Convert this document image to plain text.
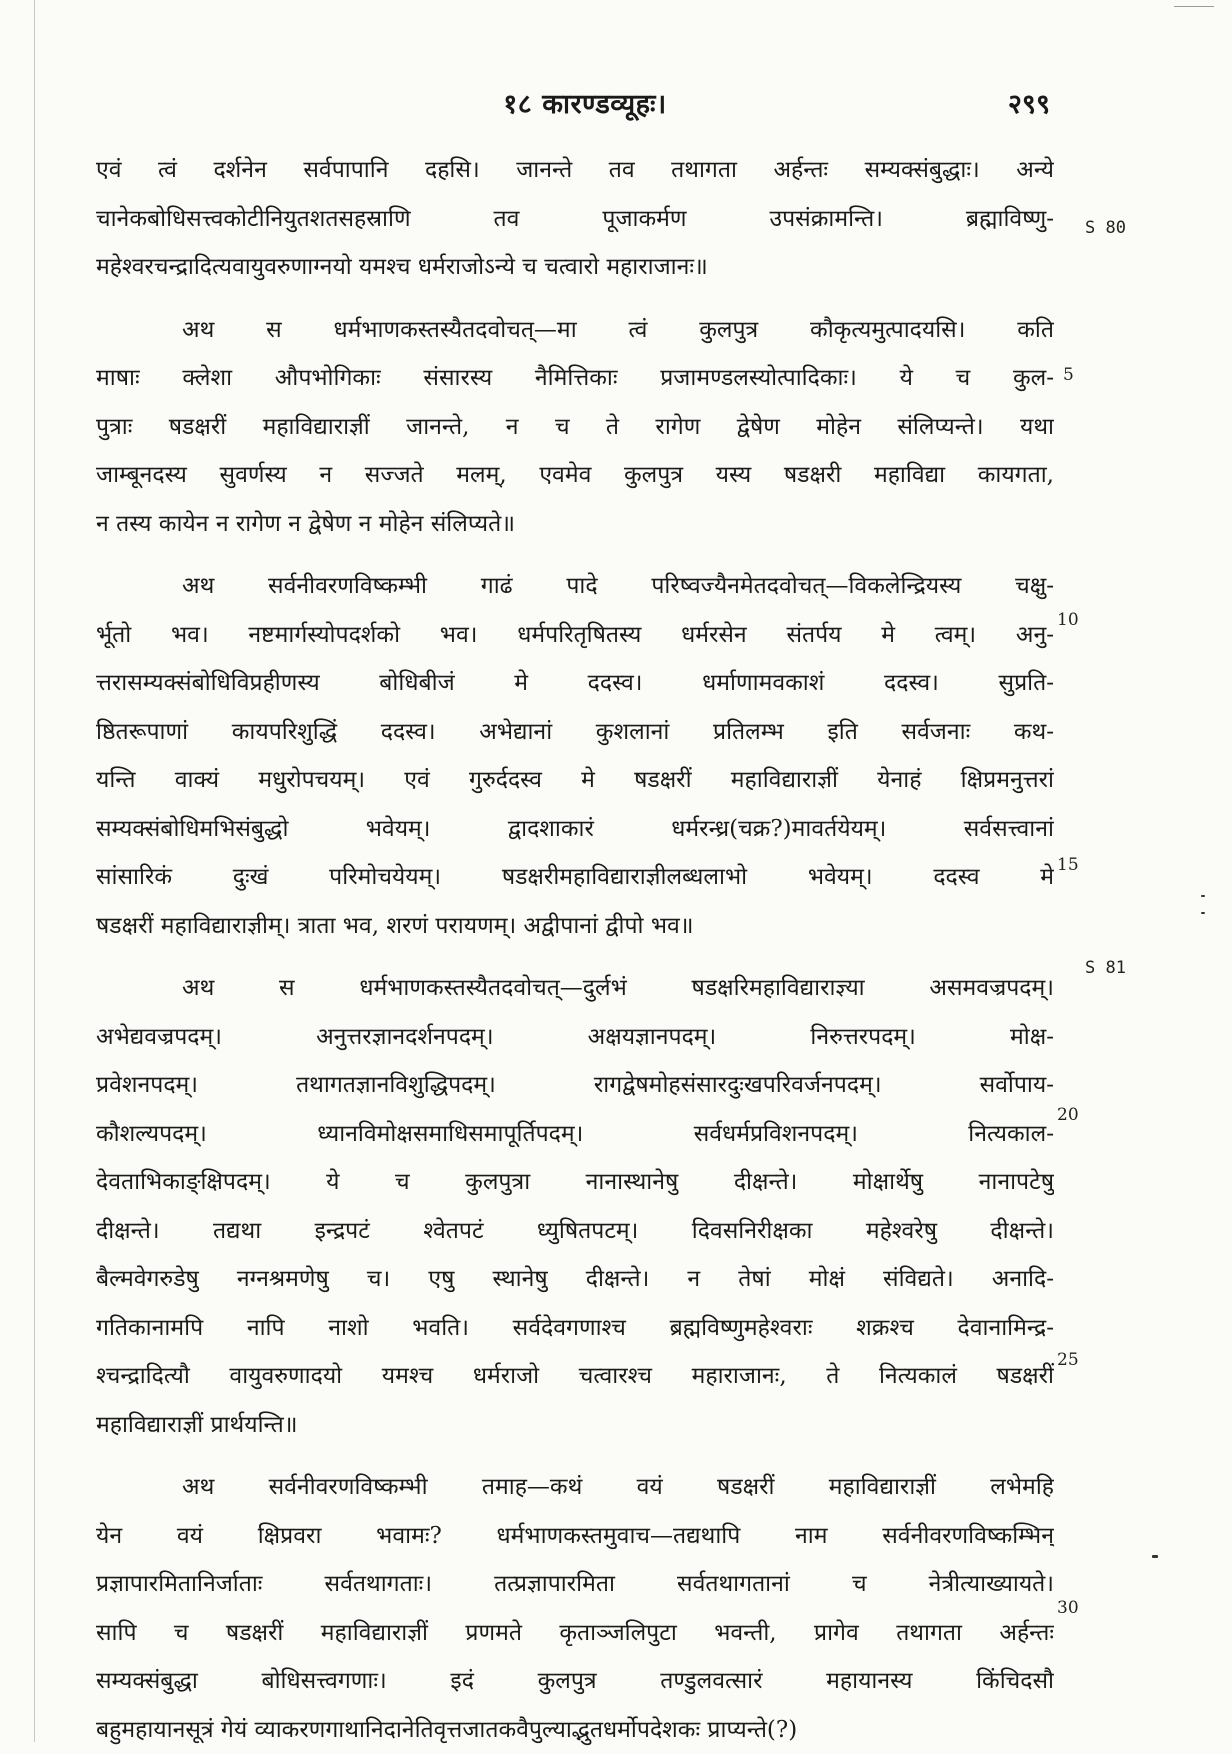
१८ कारण्डव्यूहः।	२९९
एवं त्वं दर्शनेन सर्वपापानि दहसि। जानन्ते तव तथागता अर्हन्तः सम्यक्संबुद्धाः। अन्ये
चानेकबोधिसत्त्वकोटीनियुतशतसहस्राणि तव पूजाकर्मण उपसंक्रामन्ति। ब्रह्माविष्णु-
महेश्वरचन्द्रादित्यवायुवरुणाग्नयो यमश्च धर्मराजोऽन्ये च चत्वारो महाराजानः॥
अथ स धर्मभाणकस्तस्यैतदवोचत्—मा त्वं कुलपुत्र कौकृत्यमुत्पादयसि। कति
माषाः क्लेशा औपभोगिकाः संसारस्य नैमित्तिकाः प्रजामण्डलस्योत्पादिकाः। ये च कुल-
पुत्राः षडक्षरीं महाविद्याराज्ञीं जानन्ते, न च ते रागेण द्वेषेण मोहेन संलिप्यन्ते। यथा
जाम्बूनदस्य सुवर्णस्य न सज्जते मलम्, एवमेव कुलपुत्र यस्य षडक्षरी महाविद्या कायगता,
न तस्य कायेन न रागेण न द्वेषेण न मोहेन संलिप्यते॥
अथ सर्वनीवरणविष्कम्भी गाढं पादे परिष्वज्यैनमेतदवोचत्—विकलेन्द्रियस्य चक्षु-
र्भूतो भव। नष्टमार्गस्योपदर्शको भव। धर्मपरितृषितस्य धर्मरसेन संतर्पय मे त्वम्। अनु-
त्तरासम्यक्संबोधिविप्रहीणस्य बोधिबीजं मे ददस्व। धर्माणामवकाशं ददस्व। सुप्रति-
ष्ठितरूपाणां कायपरिशुद्धिं ददस्व। अभेद्यानां कुशलानां प्रतिलम्भ इति सर्वजनाः कथ-
यन्ति वाक्यं मधुरोपचयम्। एवं गुरुर्ददस्व मे षडक्षरीं महाविद्याराज्ञीं येनाहं क्षिप्रमनुत्तरां
सम्यक्संबोधिमभिसंबुद्धो भवेयम्। द्वादशाकारं धर्मरन्ध्र(चक्र?)मावर्तयेयम्। सर्वसत्त्वानां
सांसारिकं दुःखं परिमोचयेयम्। षडक्षरीमहाविद्याराज्ञीलब्धलाभो भवेयम्। ददस्व मे
षडक्षरीं महाविद्याराज्ञीम्। त्राता भव, शरणं परायणम्। अद्वीपानां द्वीपो भव॥
अथ स धर्मभाणकस्तस्यैतदवोचत्—दुर्लभं षडक्षरिमहाविद्याराज्ञ्या असमवज्रपदम्।
अभेद्यवज्रपदम्। अनुत्तरज्ञानदर्शनपदम्। अक्षयज्ञानपदम्। निरुत्तरपदम्। मोक्ष-
प्रवेशनपदम्। तथागतज्ञानविशुद्धिपदम्। रागद्वेषमोहसंसारदुःखपरिवर्जनपदम्। सर्वोपाय-
कौशल्यपदम्। ध्यानविमोक्षसमाधिसमापूर्तिपदम्। सर्वधर्मप्रविशनपदम्। नित्यकाल-
देवताभिकाङ्क्षिपदम्। ये च कुलपुत्रा नानास्थानेषु दीक्षन्ते। मोक्षार्थेषु नानापटेषु
दीक्षन्ते। तद्यथा इन्द्रपटं श्वेतपटं ध्युषितपटम्। दिवसनिरीक्षका महेश्वरेषु दीक्षन्ते।
बैल्मवेगरुडेषु नग्नश्रमणेषु च। एषु स्थानेषु दीक्षन्ते। न तेषां मोक्षं संविद्यते। अनादि-
गतिकानामपि नापि नाशो भवति। सर्वदेवगणाश्च ब्रह्मविष्णुमहेश्वराः शक्रश्च देवानामिन्द्र-
श्चन्द्रादित्यौ वायुवरुणादयो यमश्च धर्मराजो चत्वारश्च महाराजानः, ते नित्यकालं षडक्षरीं
महाविद्याराज्ञीं प्रार्थयन्ति॥
अथ सर्वनीवरणविष्कम्भी तमाह—कथं वयं षडक्षरीं महाविद्याराज्ञीं लभेमहि
येन वयं क्षिप्रवरा भवामः? धर्मभाणकस्तमुवाच—तद्यथापि नाम सर्वनीवरणविष्कम्भिन्
प्रज्ञापारमितानिर्जाताः सर्वतथागताः। तत्प्रज्ञापारमिता सर्वतथागतानां च नेत्रीत्याख्यायते।
सापि च षडक्षरीं महाविद्याराज्ञीं प्रणमते कृताञ्जलिपुटा भवन्ती, प्रागेव तथागता अर्हन्तः
सम्यक्संबुद्धा बोधिसत्त्वगणाः। इदं कुलपुत्र तण्डुलवत्सारं महायानस्य किंचिदसौ
बहुमहायानसूत्रं गेयं व्याकरणगाथानिदानेतिवृत्तजातकवैपुल्याद्भुतधर्मोपदेशकः प्राप्यन्ते(?)
S 80
S 81
5
10
15
20
25
30
